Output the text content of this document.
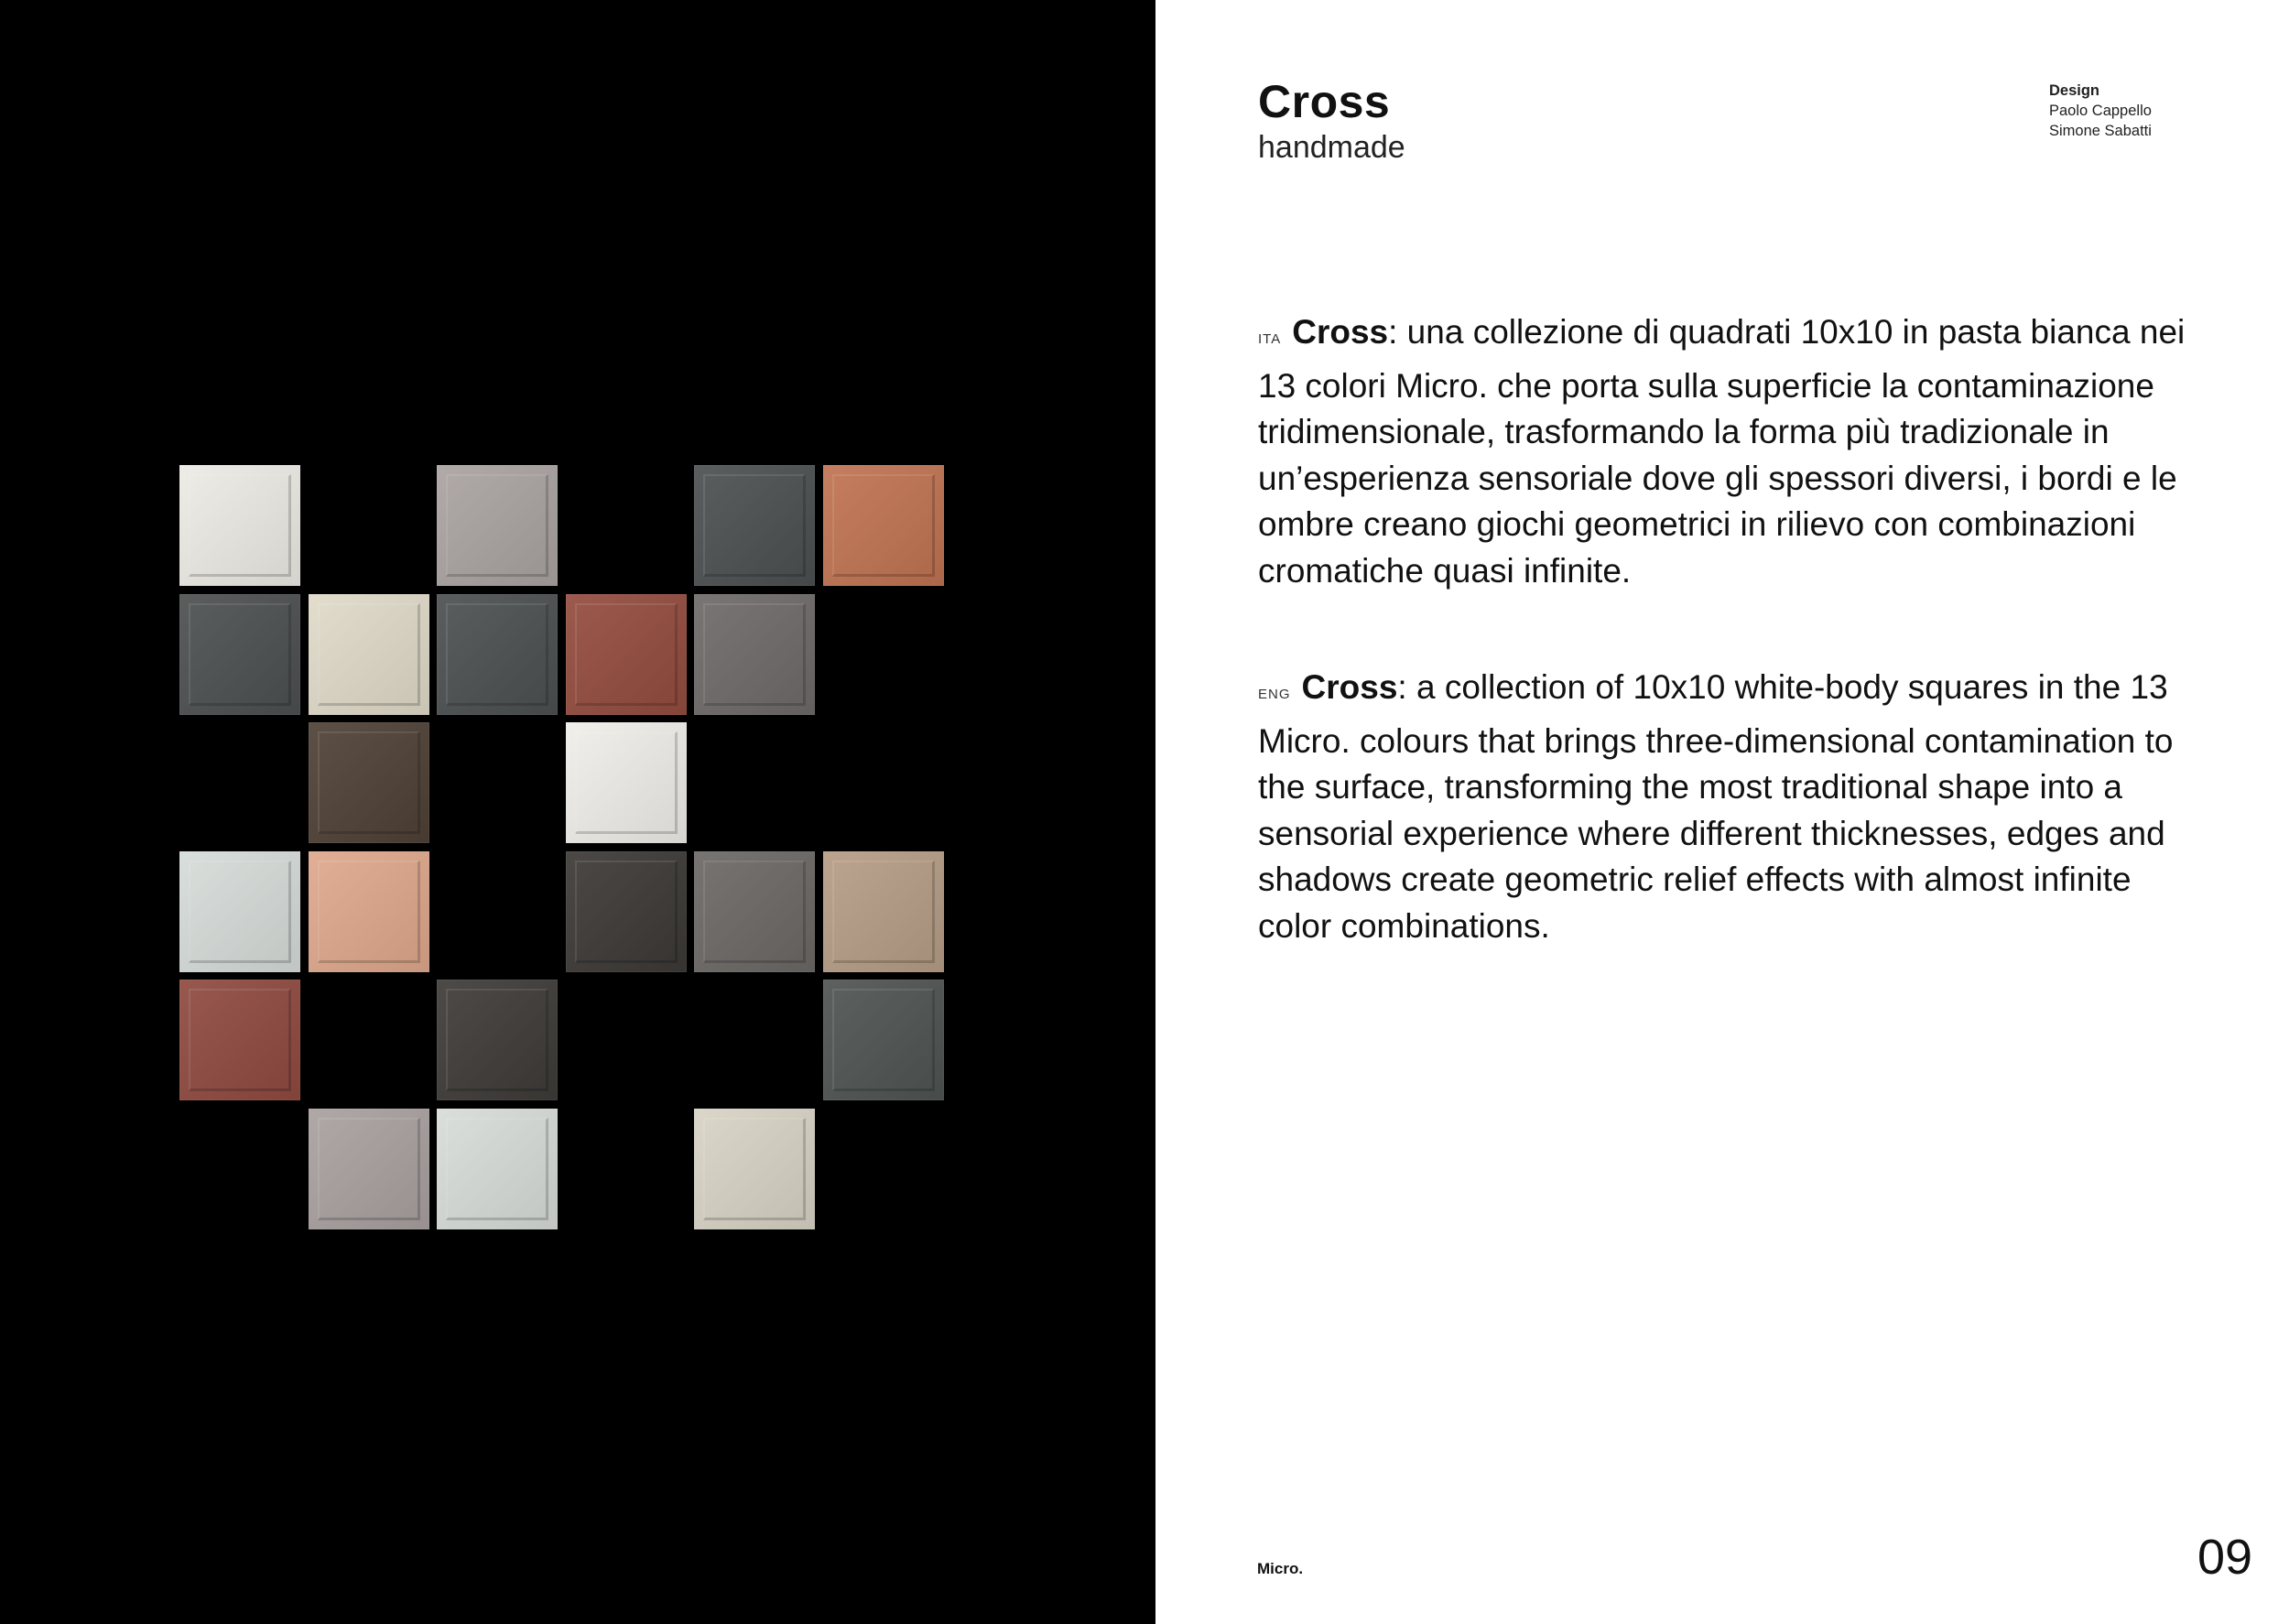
Cross
handmade
Design
Paolo Cappello
Simone Sabatti

ITA Cross: una collezione di quadrati 10x10 in pasta bianca nei 13 colori Micro. che porta sulla superficie la contaminazione tridimensionale, trasformando la forma più tradizionale in un’esperienza sensoriale dove gli spessori diversi, i bordi e le ombre creano giochi geometrici in rilievo con combinazioni cromatiche quasi infinite.

ENG Cross: a collection of 10x10 white-body squares in the 13 Micro. colours that brings three-dimensional contamination to the surface, transforming the most traditional shape into a sensorial experience where different thicknesses, edges and shadows create geometric relief effects with almost infinite color combinations.

Micro.	09
